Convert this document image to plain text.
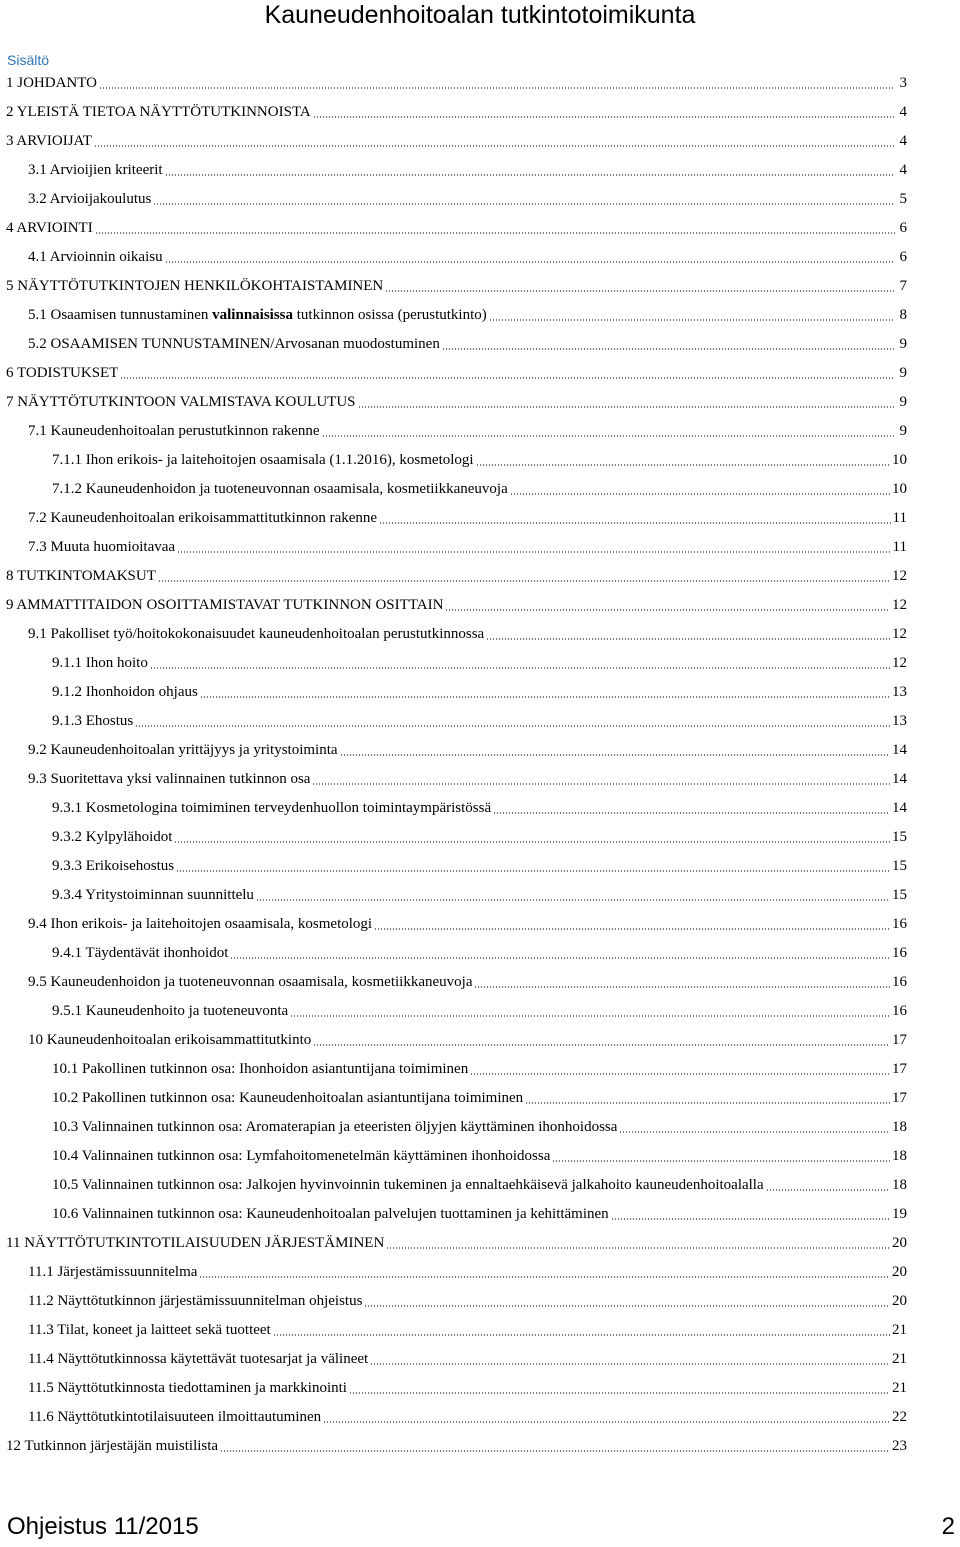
Kauneudenhoitoalan tutkintotoimikunta
Sisältö
1 JOHDANTO	3
2 YLEISTÄ TIETOA NÄYTTÖTUTKINNOISTA	4
3 ARVIOIJAT	4
3.1 Arvioijien kriteerit	4
3.2 Arvioijakoulutus	5
4 ARVIOINTI	6
4.1 Arvioinnin oikaisu	6
5 NÄYTTÖTUTKINTOJEN HENKILÖKOHTAISTAMINEN	7
5.1 Osaamisen tunnustaminen valinnaisissa tutkinnon osissa (perustutkinto)	8
5.2 OSAAMISEN TUNNUSTAMINEN/Arvosanan muodostuminen	9
6 TODISTUKSET	9
7 NÄYTTÖTUTKINTOON VALMISTAVA KOULUTUS	9
7.1 Kauneudenhoitoalan perustutkinnon rakenne	9
7.1.1 Ihon erikois- ja laitehoitojen osaamisala (1.1.2016), kosmetologi	10
7.1.2 Kauneudenhoidon ja tuoteneuvonnan osaamisala, kosmetiikkaneuvoja	10
7.2 Kauneudenhoitoalan erikoisammattitutkinnon rakenne	11
7.3 Muuta huomioitavaa	11
8 TUTKINTOMAKSUT	12
9 AMMATTITAIDON OSOITTAMISTAVAT TUTKINNON OSITTAIN	12
9.1 Pakolliset työ/hoitokokonaisuudet kauneudenhoitoalan perustutkinnossa	12
9.1.1 Ihon hoito	12
9.1.2 Ihonhoidon ohjaus	13
9.1.3 Ehostus	13
9.2 Kauneudenhoitoalan yrittäjyys ja yritystoiminta	14
9.3 Suoritettava yksi valinnainen tutkinnon osa	14
9.3.1 Kosmetologina toimiminen terveydenhuollon toimintaympäristössä	14
9.3.2 Kylpylähoidot	15
9.3.3 Erikoisehostus	15
9.3.4 Yritystoiminnan suunnittelu	15
9.4 Ihon erikois- ja laitehoitojen osaamisala, kosmetologi	16
9.4.1 Täydentävät ihonhoidot	16
9.5 Kauneudenhoidon ja tuoteneuvonnan osaamisala, kosmetiikkaneuvoja	16
9.5.1 Kauneudenhoito ja tuoteneuvonta	16
10 Kauneudenhoitoalan erikoisammattitutkinto	17
10.1 Pakollinen tutkinnon osa: Ihonhoidon asiantuntijana toimiminen	17
10.2 Pakollinen tutkinnon osa: Kauneudenhoitoalan asiantuntijana toimiminen	17
10.3 Valinnainen tutkinnon osa: Aromaterapian ja eteeristen öljyjen käyttäminen ihonhoidossa	18
10.4 Valinnainen tutkinnon osa: Lymfahoitomenetelmän käyttäminen ihonhoidossa	18
10.5 Valinnainen tutkinnon osa: Jalkojen hyvinvoinnin tukeminen ja ennaltaehkäisevä jalkahoito kauneudenhoitoalalla	18
10.6 Valinnainen tutkinnon osa: Kauneudenhoitoalan palvelujen tuottaminen ja kehittäminen	19
11 NÄYTTÖTUTKINTOTILAISUUDEN JÄRJESTÄMINEN	20
11.1 Järjestämissuunnitelma	20
11.2 Näyttötutkinnon järjestämissuunnitelman ohjeistus	20
11.3 Tilat, koneet ja laitteet sekä tuotteet	21
11.4 Näyttötutkinnossa käytettävät tuotesarjat ja välineet	21
11.5 Näyttötutkinnosta tiedottaminen ja markkinointi	21
11.6 Näyttötutkintotilaisuuteen ilmoittautuminen	22
12 Tutkinnon järjestäjän muistilista	23
Ohjeistus 11/2015	2
